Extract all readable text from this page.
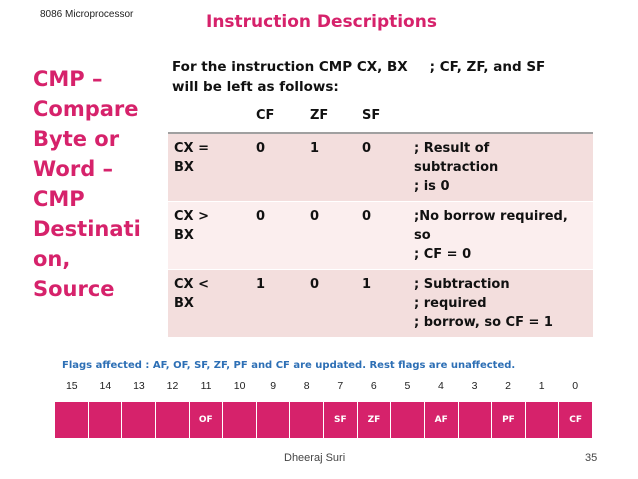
8086 Microprocessor	Instruction Descriptions
CMP –
Compare
Byte or
Word –
CMP
Destinati
on,
Source
For the instruction CMP CX, BX ; CF, ZF, and SF
will be left as follows:
	CF	ZF	SF	
CX =
BX	0	1	0	; Result of
subtraction
; is 0
CX >
BX	0	0	0	;No borrow required,
so
; CF = 0
CX <
BX	1	0	1	; Subtraction
; required
; borrow, so CF = 1
Flags affected : AF, OF, SF, ZF, PF and CF are updated. Rest flags are unaffected.
15	14	13	12	11	10	9	8	7	6	5	4	3	2	1	0
OF	SF	ZF	AF	PF	CF
Dheeraj Suri	35
